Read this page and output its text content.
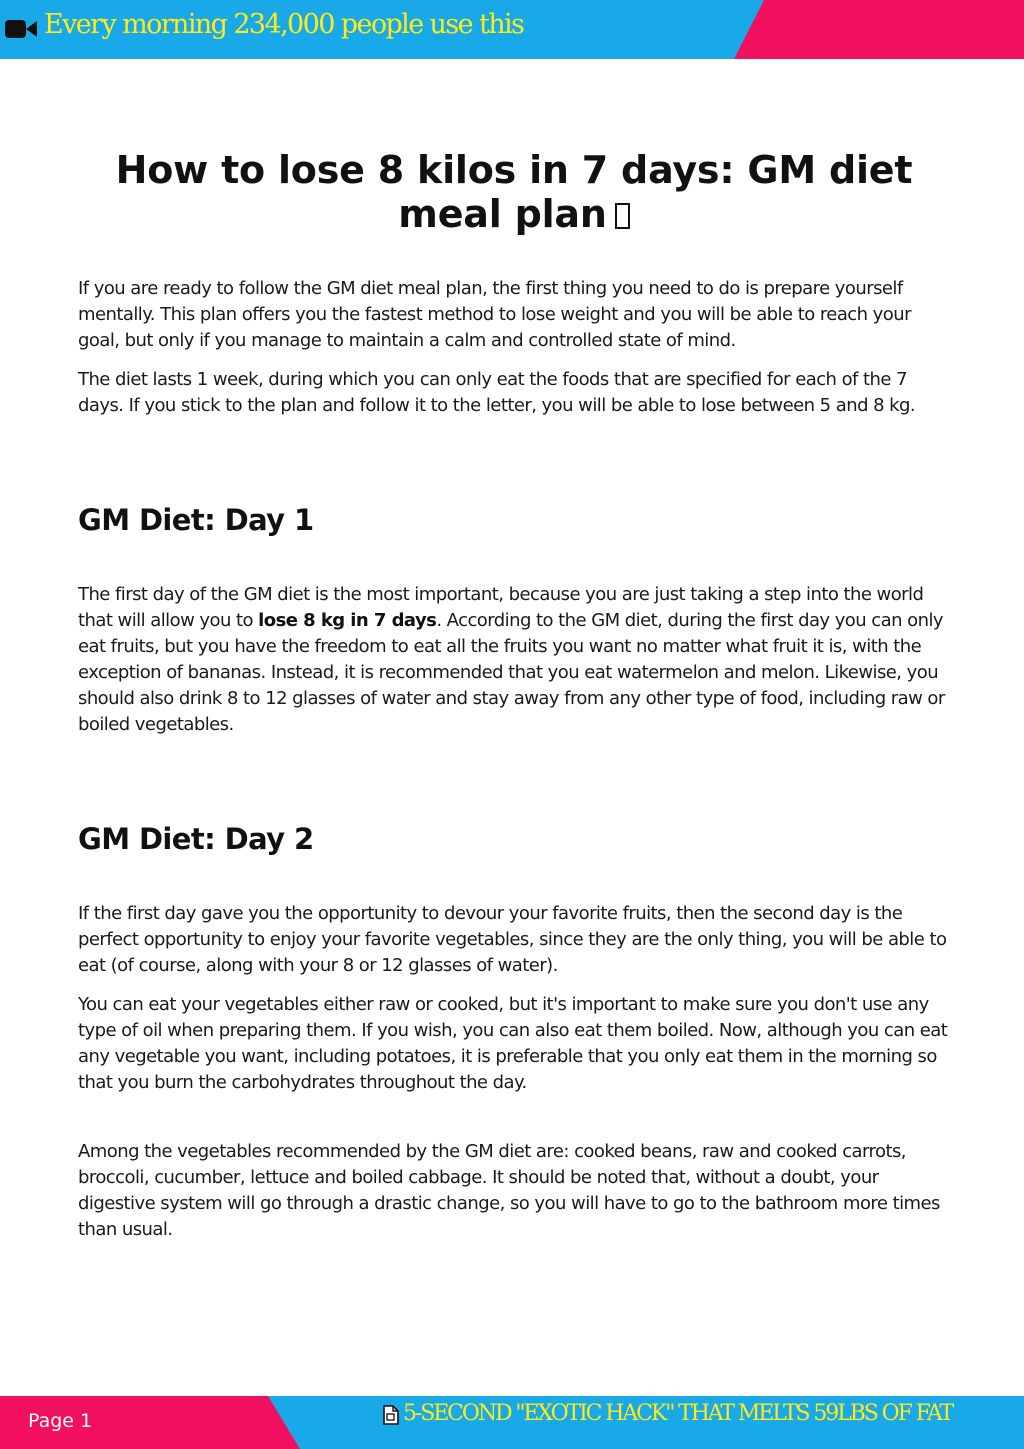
Every morning 234,000 people use this
How to lose 8 kilos in 7 days: GM diet meal plan

If you are ready to follow the GM diet meal plan, the first thing you need to do is prepare yourself mentally. This plan offers you the fastest method to lose weight and you will be able to reach your goal, but only if you manage to maintain a calm and controlled state of mind.

The diet lasts 1 week, during which you can only eat the foods that are specified for each of the 7 days. If you stick to the plan and follow it to the letter, you will be able to lose between 5 and 8 kg.

GM Diet: Day 1

The first day of the GM diet is the most important, because you are just taking a step into the world that will allow you to lose 8 kg in 7 days. According to the GM diet, during the first day you can only eat fruits, but you have the freedom to eat all the fruits you want no matter what fruit it is, with the exception of bananas. Instead, it is recommended that you eat watermelon and melon. Likewise, you should also drink 8 to 12 glasses of water and stay away from any other type of food, including raw or boiled vegetables.

GM Diet: Day 2

If the first day gave you the opportunity to devour your favorite fruits, then the second day is the perfect opportunity to enjoy your favorite vegetables, since they are the only thing, you will be able to eat (of course, along with your 8 or 12 glasses of water).

You can eat your vegetables either raw or cooked, but it's important to make sure you don't use any type of oil when preparing them. If you wish, you can also eat them boiled. Now, although you can eat any vegetable you want, including potatoes, it is preferable that you only eat them in the morning so that you burn the carbohydrates throughout the day.

Among the vegetables recommended by the GM diet are: cooked beans, raw and cooked carrots, broccoli, cucumber, lettuce and boiled cabbage. It should be noted that, without a doubt, your digestive system will go through a drastic change, so you will have to go to the bathroom more times than usual.

Page 1	5-SECOND "EXOTIC HACK" THAT MELTS 59LBS OF FAT
